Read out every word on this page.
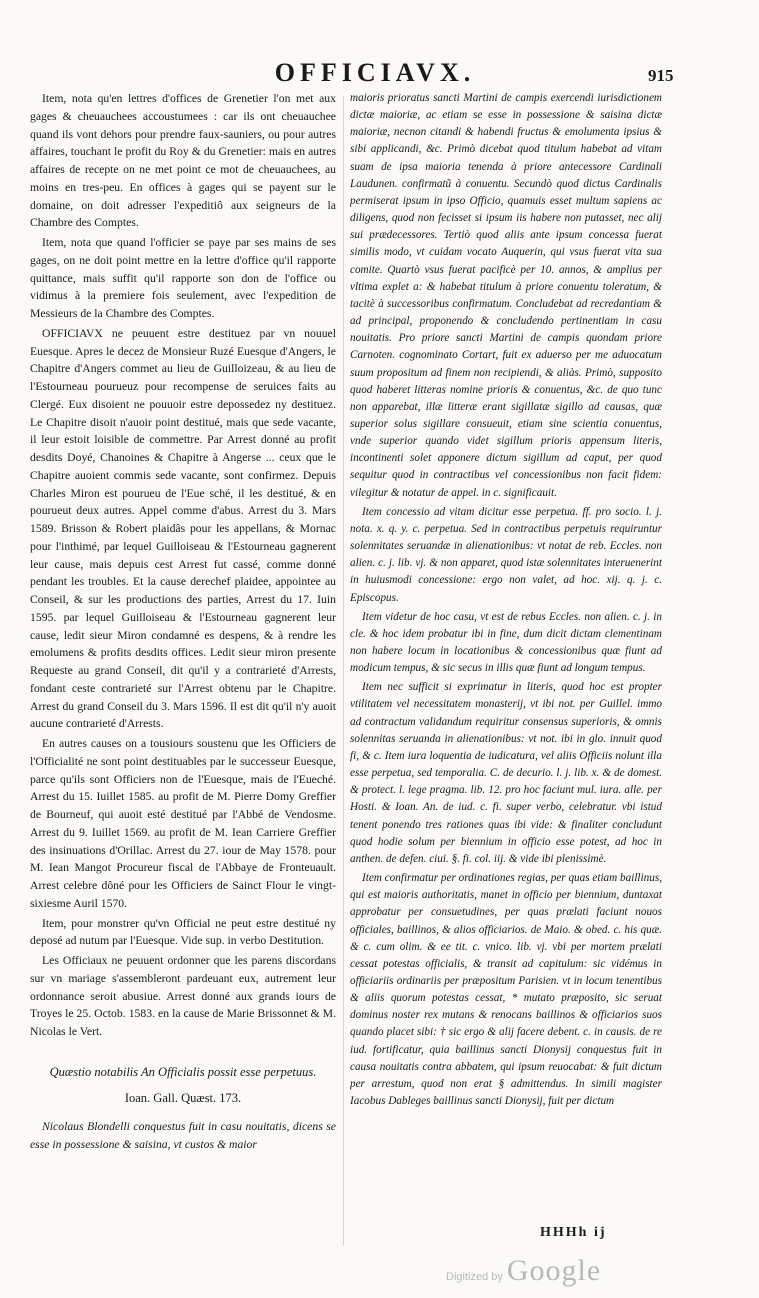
OFFICIAVX.	915

Item, nota qu'en lettres d'offices de Grenetier l'on met aux gages & cheuauchees accoustumees : car ils ont cheuauchee quand ils vont dehors pour prendre faux-sauniers, ou pour autres affaires, touchant le profit du Roy & du Grenetier: mais en autres affaires de recepte on ne met point ce mot de cheuauchees, au moins en tres-peu. En offices à gages qui se payent sur le domaine, on doit adresser l'expeditiô aux seigneurs de la Chambre des Comptes.

Item, nota que quand l'officier se paye par ses mains de ses gages, on ne doit point mettre en la lettre d'office qu'il rapporte quittance, mais suffit qu'il rapporte son don de l'office ou vidimus à la premiere fois seulement, avec l'expedition de Messieurs de la Chambre des Comptes.

OFFICIAVX ne peuuent estre destituez par vn nouuel Euesque. Apres le decez de Monsieur Ruzé Euesque d'Angers, le Chapitre d'Angers commet au lieu de Guilloizeau, & au lieu de l'Estourneau pourueuz pour recompense de seruices faits au Clergé. Eux disoient ne pouuoir estre depossedez ny destituez. Le Chapitre disoit n'auoir point destitué, mais que sede vacante, il leur estoit loisible de commettre. Par Arrest donné au profit desdits Doyé, Chanoines & Chapitre à Angerse ... ceux que le Chapitre auoient commis sede vacante, sont confirmez. Depuis Charles Miron est pourueu de l'Eue sché, il les destitué, & en pourueut deux autres. Appel comme d'abus. Arrest du 3. Mars 1589. Brisson & Robert plaidâs pour les appellans, & Mornac pour l'inthimé, par lequel Guilloiseau & l'Estourneau gagnerent leur cause, mais depuis cest Arrest fut cassé, comme donné pendant les troubles. Et la cause derechef plaidee, appointee au Conseil, & sur les productions des parties, Arrest du 17. Iuin 1595. par lequel Guilloiseau & l'Estourneau gagnerent leur cause, ledit sieur Miron condamné es despens, & à rendre les emolumens & profits desdits offices. Ledit sieur miron presente Requeste au grand Conseil, dit qu'il y a contrarieté d'Arrests, fondant ceste contrarieté sur l'Arrest obtenu par le Chapitre. Arrest du grand Conseil du 3. Mars 1596. Il est dit qu'il n'y auoit aucune contrarieté d'Arrests.

En autres causes on a tousiours soustenu que les Officiers de l'Officialité ne sont point destituables par le successeur Euesque, parce qu'ils sont Officiers non de l'Euesque, mais de l'Eueché. Arrest du 15. Iuillet 1585. au profit de M. Pierre Domy Greffier de Bourneuf, qui auoit esté destitué par l'Abbé de Vendosme. Arrest du 9. Iuillet 1569. au profit de M. Iean Carriere Greffier des insinuations d'Orillac. Arrest du 27. iour de May 1578. pour M. Iean Mangot Procureur fiscal de l'Abbaye de Fronteuault. Arrest celebre dôné pour les Officiers de Sainct Flour le vingt-sixiesme Auril 1570.

Item, pour monstrer qu'vn Official ne peut estre destitué ny deposé ad nutum par l'Euesque. Vide sup. in verbo Destitution.

Les Officiaux ne peuuent ordonner que les parens discordans sur vn mariage s'assembleront pardeuant eux, autrement leur ordonnance seroit abusiue. Arrest donné aux grands iours de Troyes le 25. Octob. 1583. en la cause de Marie Brissonnet & M. Nicolas le Vert.

Quæstio notabilis An Officialis possit esse perpetuus.
Ioan. Gall. Quæst. 173.

Nicolaus Blondelli conquestus fuit in casu nouitatis, dicens se esse in possessione & saisina, vt custos & maior

maioris prioratus sancti Martini de campis exercendi iurisdictionem dictæ maioriæ, ac etiam se esse in possessione & saisina dictæ maioriæ, necnon citandi & habendi fructus & emolumenta ipsius & sibi applicandi, &c. Primò dicebat quod titulum habebat ad vitam suam de ipsa maioria tenenda à priore antecessore Cardinali Laudunen. confirmatũ à conuentu. Secundò quod dictus Cardinalis permiserat ipsum in ipso Officio, quamuis esset multum sapiens ac diligens, quod non fecisset si ipsum iis habere non putasset, nec alij sui prædecessores. Tertiò quod aliis ante ipsum concessa fuerat similis modo, vt cuidam vocato Auquerin, qui vsus fuerat vita sua comite. Quartò vsus fuerat pacificè per 10. annos, & amplius per vltima explet a: & habebat titulum à priore conuentu toleratum, & tacitè à successoribus confirmatum. Concludebat ad recredantiam & ad principal, proponendo & concludendo pertinentiam in casu nouitatis. Pro priore sancti Martini de campis quondam priore Carnoten. cognominato Cortart, fuit ex aduerso per me aduocatum suum propositum ad finem non recipiendi, & aliàs. Primò, supposito quod haberet litteras nomine prioris & conuentus, &c. de quo tunc non apparebat, illæ litteræ erant sigillatæ sigillo ad causas, quæ superior solus sigillare consueuit, etiam sine scientia conuentus, vnde superior quando videt sigillum prioris appensum literis, incontinenti solet apponere dictum sigillum ad caput, per quod sequitur quod in contractibus vel concessionibus non facit fidem: vilegitur & notatur de appel. in c. significauit.

Item concessio ad vitam dicitur esse perpetua. ff. pro socio. l. j. nota. x. q. y. c. perpetua. Sed in contractibus perpetuis requiruntur solennitates seruandæ in alienationibus: vt notat de reb. Eccles. non alien. c. j. lib. vj. & non apparet, quod istæ solennitates interuenerint in huiusmodi concessione: ergo non valet, ad hoc. xij. q. j. c. Episcopus.

Item videtur de hoc casu, vt est de rebus Eccles. non alien. c. j. in cle. & hoc idem probatur ibi in fine, dum dicit dictam clementinam non habere locum in locationibus & concessionibus quæ fiunt ad modicum tempus, & sic secus in illis quæ fiunt ad longum tempus.

Item nec sufficit si exprimatur in literis, quod hoc est propter vtilitatem vel necessitatem monasterij, vt ibi not. per Guillel. immo ad contractum validandum requiritur consensus superioris, & omnis solennitas seruanda in alienationibus: vt not. ibi in glo. innuit quod fi, & c. Item iura loquentia de iudicatura, vel aliis Officiis nolunt illa esse perpetua, sed temporalia. C. de decurio. l. j. lib. x. & de domest. & protect. l. lege pragma. lib. 12. pro hoc faciunt mul. iura. alle. per Hosti. & Ioan. An. de iud. c. fi. super verbo, celebratur. vbi istud tenent ponendo tres rationes quas ibi vide: & finaliter concludunt quod hodie solum per biennium in officio esse potest, ad hoc in anthen. de defen. ciui. §. fi. col. iij. & vide ibi plenissimè.

Item confirmatur per ordinationes regias, per quas etiam baillinus, qui est maioris authoritatis, manet in officio per biennium, duntaxat approbatur per consuetudines, per quas prælati faciunt nouos officiales, baillinos, & alios officiarios. de Maio. & obed. c. his quæ. & c. cum olim. & ee tit. c. vnico. lib. vj. vbi per mortem prælati cessat potestas officialis, & transit ad capitulum: sic vidémus in officiariis ordinariis per præpositum Parisien. vt in locum tenentibus & aliis quorum potestas cessat, * mutato præposito, sic seruat dominus noster rex mutans & renocans baillinos & officiarios suos quando placet sibi: † sic ergo & alij facere debent. c. in causis. de re iud. fortificatur, quia baillinus sancti Dionysij conquestus fuit in causa nouitatis contra abbatem, qui ipsum reuocabat: & fuit dictum per arrestum, quod non erat § admittendus. In simili magister Iacobus Dableges baillinus sancti Dionysij, fuit per dictum

HHHh ij
Digitized by Google
